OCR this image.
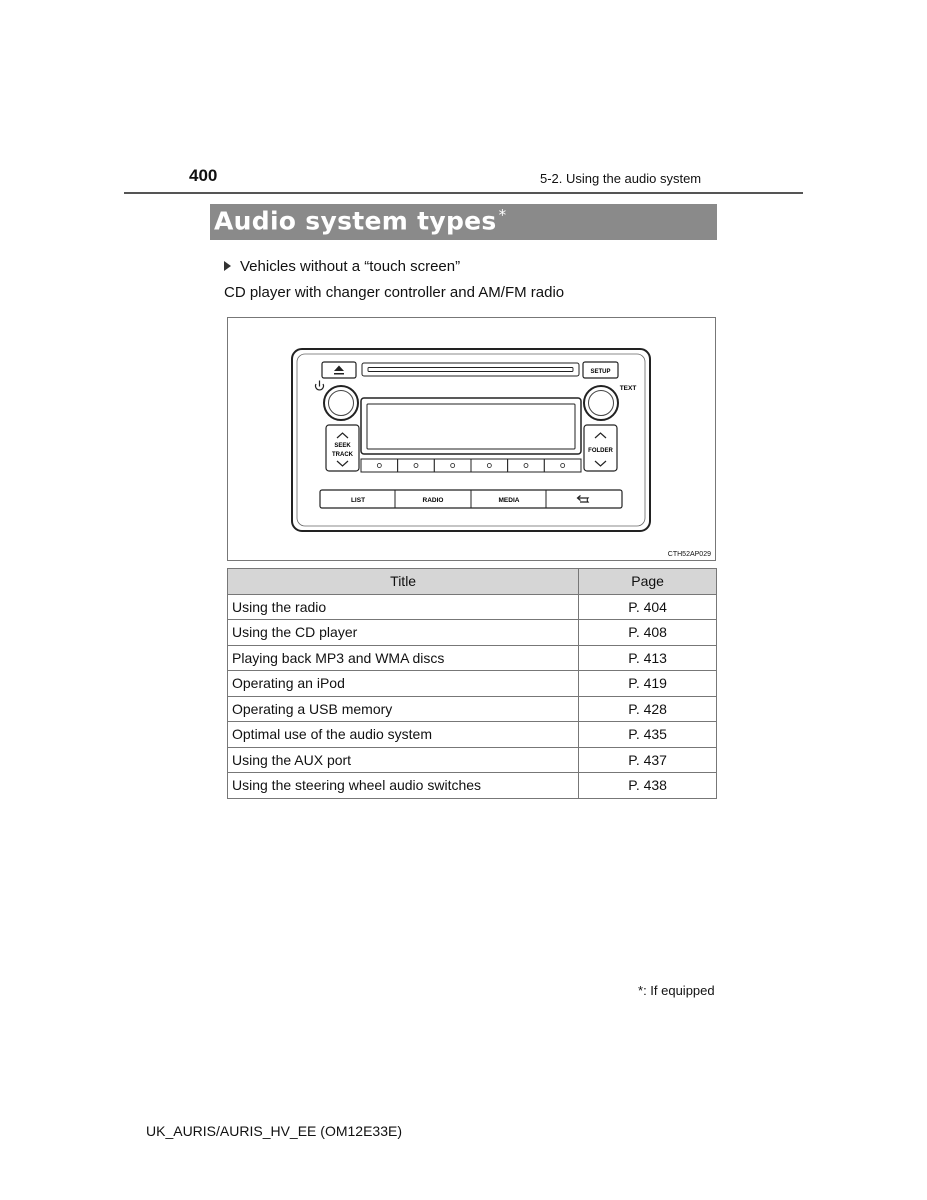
400	5-2. Using the audio system
Audio system types *
Vehicles without a “touch screen”
CD player with changer controller and AM/FM radio
SETUP
TEXT
SEEK
TRACK
FOLDER
LIST	RADIO	MEDIA
CTH52AP029
Title	Page
Using the radio	P. 404
Using the CD player	P. 408
Playing back MP3 and WMA discs	P. 413
Operating an iPod	P. 419
Operating a USB memory	P. 428
Optimal use of the audio system	P. 435
Using the AUX port	P. 437
Using the steering wheel audio switches	P. 438
*: If equipped
UK_AURIS/AURIS_HV_EE (OM12E33E)
